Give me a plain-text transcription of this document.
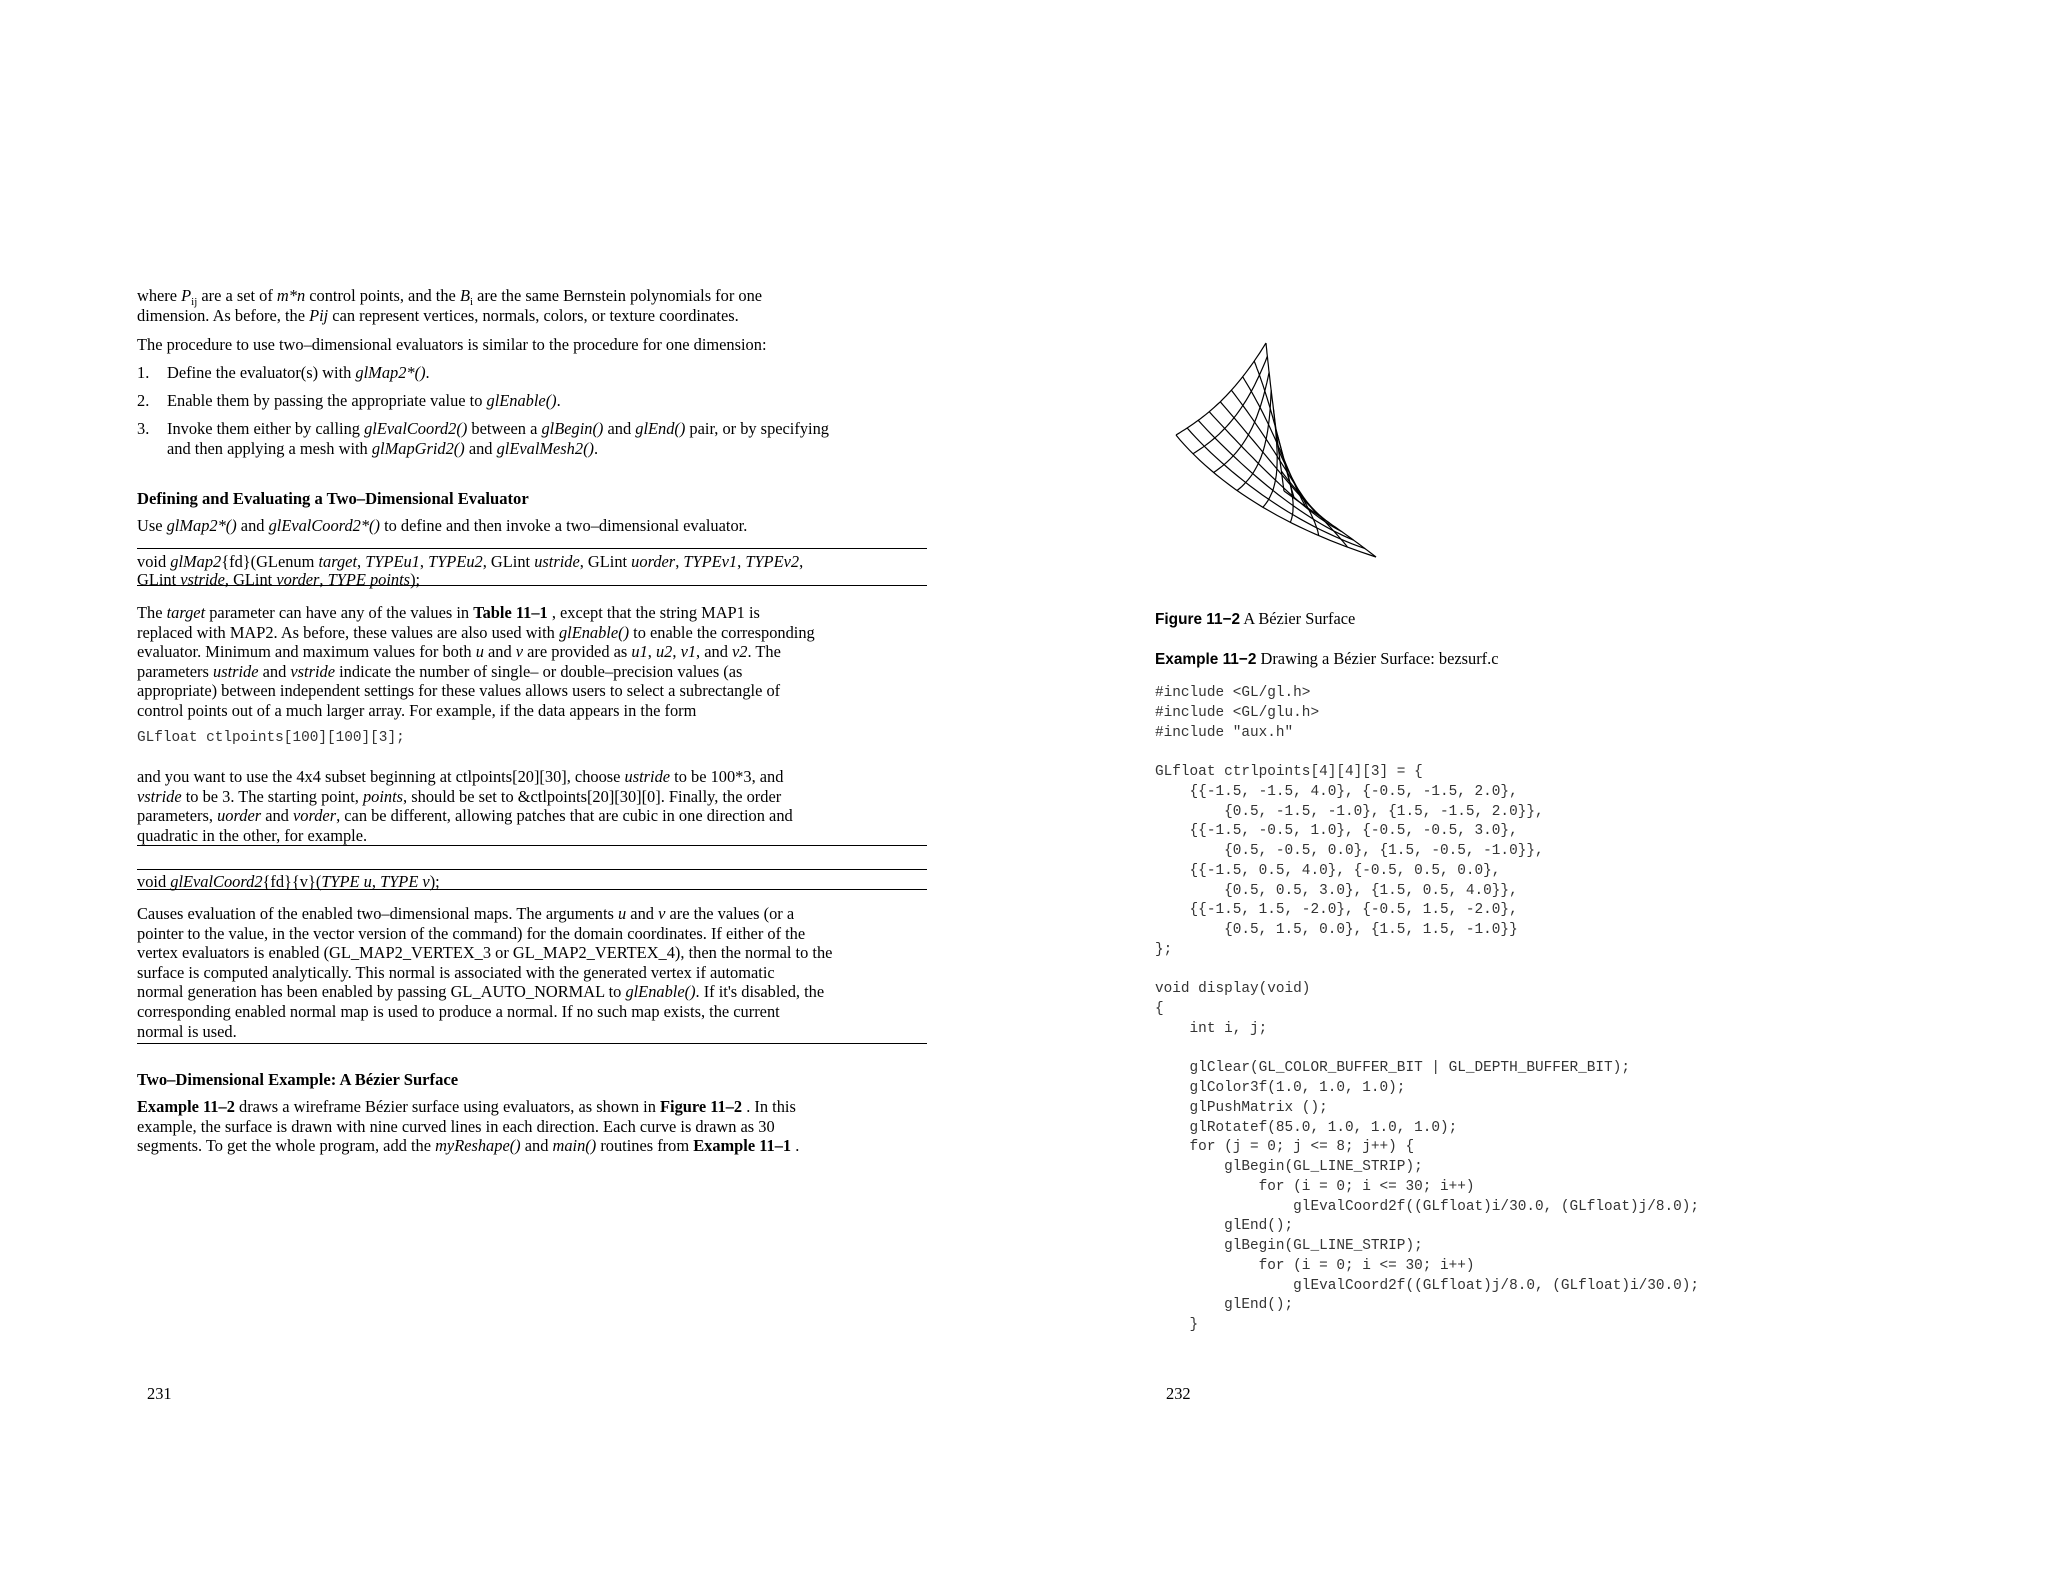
where $P_{ij}$ are a set of m*n control points, and the $B_i$ are the same Bernstein polynomials for one
dimension. As before, the Pij can represent vertices, normals, colors, or texture coordinates.
The procedure to use two–dimensional evaluators is similar to the procedure for one dimension:
1. Define the evaluator(s) with glMap2*().
2. Enable them by passing the appropriate value to glEnable().
3. Invoke them either by calling glEvalCoord2() between a glBegin() and glEnd() pair, or by specifying
and then applying a mesh with glMapGrid2() and glEvalMesh2().
Defining and Evaluating a Two–Dimensional Evaluator
Use glMap2*() and glEvalCoord2*() to define and then invoke a two–dimensional evaluator.
void glMap2{fd}(GLenum target, TYPEu1, TYPEu2, GLint ustride, GLint uorder, TYPEv1, TYPEv2,
GLint vstride, GLint vorder, TYPE points);
The target parameter can have any of the values in Table 11–1 , except that the string MAP1 is
replaced with MAP2. As before, these values are also used with glEnable() to enable the corresponding
evaluator. Minimum and maximum values for both u and v are provided as u1, u2, v1, and v2. The
parameters ustride and vstride indicate the number of single– or double–precision values (as
appropriate) between independent settings for these values allows users to select a subrectangle of
control points out of a much larger array. For example, if the data appears in the form
GLfloat ctlpoints[100][100][3];
and you want to use the 4x4 subset beginning at ctlpoints[20][30], choose ustride to be 100*3, and
vstride to be 3. The starting point, points, should be set to &ctlpoints[20][30][0]. Finally, the order
parameters, uorder and vorder, can be different, allowing patches that are cubic in one direction and
quadratic in the other, for example.
void glEvalCoord2{fd}{v}(TYPE u, TYPE v);
Causes evaluation of the enabled two–dimensional maps. The arguments u and v are the values (or a
pointer to the value, in the vector version of the command) for the domain coordinates. If either of the
vertex evaluators is enabled (GL_MAP2_VERTEX_3 or GL_MAP2_VERTEX_4), then the normal to the
surface is computed analytically. This normal is associated with the generated vertex if automatic
normal generation has been enabled by passing GL_AUTO_NORMAL to glEnable(). If it's disabled, the
corresponding enabled normal map is used to produce a normal. If no such map exists, the current
normal is used.
Two–Dimensional Example: A Bézier Surface
Example 11–2 draws a wireframe Bézier surface using evaluators, as shown in Figure 11–2 . In this
example, the surface is drawn with nine curved lines in each direction. Each curve is drawn as 30
segments. To get the whole program, add the myReshape() and main() routines from Example 11–1 .
231
Figure 11−2 A Bézier Surface
Example 11−2 Drawing a Bézier Surface: bezsurf.c
#include <GL/gl.h>
#include <GL/glu.h>
#include "aux.h"

GLfloat ctrlpoints[4][4][3] = {
{{-1.5, -1.5, 4.0}, {-0.5, -1.5, 2.0},
{0.5, -1.5, -1.0}, {1.5, -1.5, 2.0}},
{{-1.5, -0.5, 1.0}, {-0.5, -0.5, 3.0},
{0.5, -0.5, 0.0}, {1.5, -0.5, -1.0}},
{{-1.5, 0.5, 4.0}, {-0.5, 0.5, 0.0},
{0.5, 0.5, 3.0}, {1.5, 0.5, 4.0}},
{{-1.5, 1.5, -2.0}, {-0.5, 1.5, -2.0},
{0.5, 1.5, 0.0}, {1.5, 1.5, -1.0}}
};

void display(void)
{
int i, j;

glClear(GL_COLOR_BUFFER_BIT | GL_DEPTH_BUFFER_BIT);
glColor3f(1.0, 1.0, 1.0);
glPushMatrix ();
glRotatef(85.0, 1.0, 1.0, 1.0);
for (j = 0; j <= 8; j++) {
glBegin(GL_LINE_STRIP);
for (i = 0; i <= 30; i++)
glEvalCoord2f((GLfloat)i/30.0, (GLfloat)j/8.0);
glEnd();
glBegin(GL_LINE_STRIP);
for (i = 0; i <= 30; i++)
glEvalCoord2f((GLfloat)j/8.0, (GLfloat)i/30.0);
glEnd();
}
232
